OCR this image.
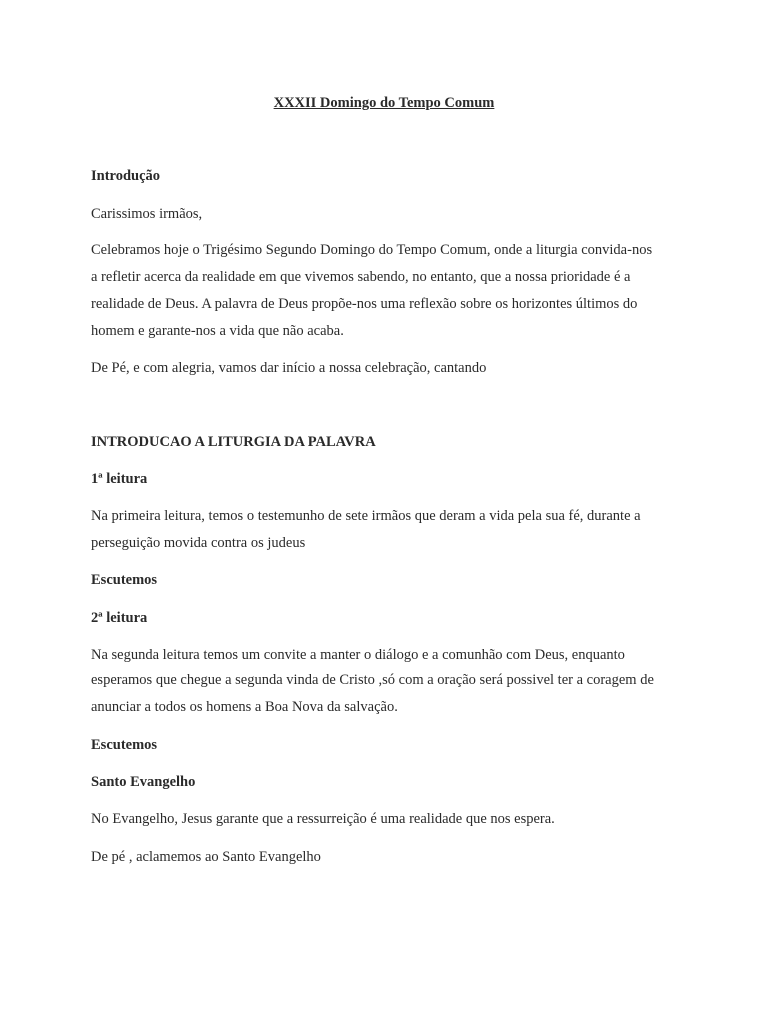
XXXII Domingo do Tempo Comum
Introdução
Carissimos irmãos,
Celebramos hoje o Trigésimo Segundo Domingo do Tempo Comum, onde a liturgia convida-nos
a refletir acerca da realidade em que vivemos sabendo, no entanto, que a nossa prioridade é a
realidade de Deus. A palavra de Deus propõe-nos uma reflexão sobre os horizontes últimos do
homem e garante-nos a vida que não acaba.
De Pé, e com alegria, vamos dar início a nossa celebração, cantando
INTRODUCAO A LITURGIA DA PALAVRA
1ª leitura
Na primeira leitura, temos o testemunho de sete irmãos que deram a vida pela sua fé, durante a
perseguição movida contra os judeus
Escutemos
2ª leitura
Na segunda leitura temos um convite a manter o diálogo e a comunhão com Deus, enquanto
esperamos que chegue a segunda vinda de Cristo ,só com a oração será possivel ter a coragem de
anunciar a todos os homens a Boa Nova da salvação.
Escutemos
Santo Evangelho
No Evangelho, Jesus garante que a ressurreição é uma realidade que nos espera.
De pé , aclamemos ao Santo Evangelho
